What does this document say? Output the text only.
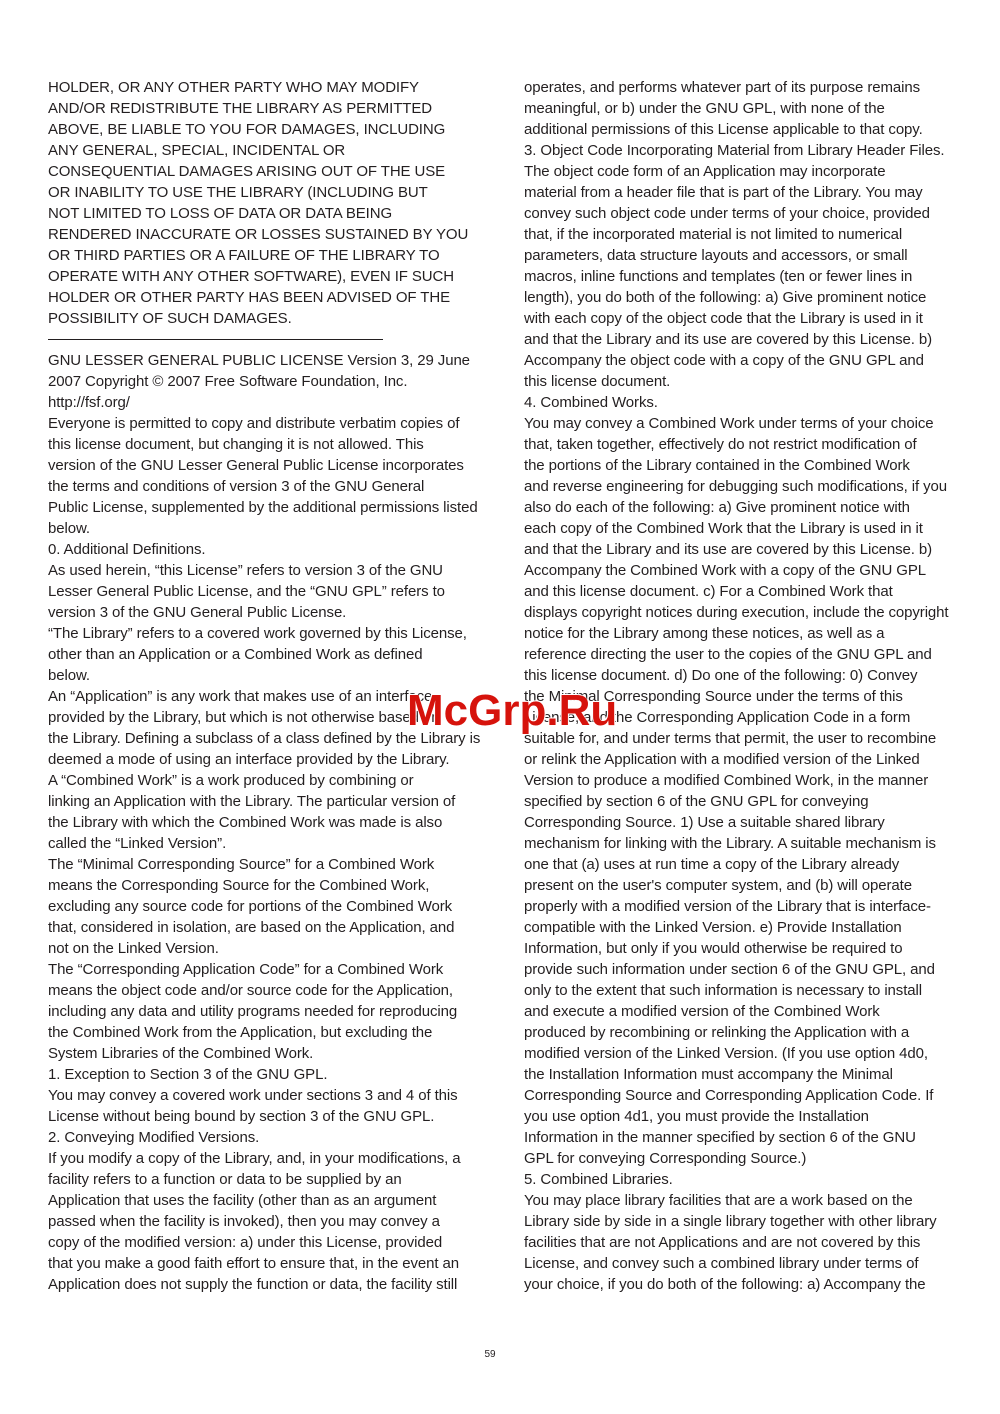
HOLDER, OR ANY OTHER PARTY WHO MAY MODIFY
AND/OR REDISTRIBUTE THE LIBRARY AS PERMITTED
ABOVE, BE LIABLE TO YOU FOR DAMAGES, INCLUDING
ANY GENERAL, SPECIAL, INCIDENTAL OR
CONSEQUENTIAL DAMAGES ARISING OUT OF THE USE
OR INABILITY TO USE THE LIBRARY (INCLUDING BUT
NOT LIMITED TO LOSS OF DATA OR DATA BEING
RENDERED INACCURATE OR LOSSES SUSTAINED BY YOU
OR THIRD PARTIES OR A FAILURE OF THE LIBRARY TO
OPERATE WITH ANY OTHER SOFTWARE), EVEN IF SUCH
HOLDER OR OTHER PARTY HAS BEEN ADVISED OF THE
POSSIBILITY OF SUCH DAMAGES.
GNU LESSER GENERAL PUBLIC LICENSE Version 3, 29 June
2007 Copyright © 2007 Free Software Foundation, Inc.
http://fsf.org/
Everyone is permitted to copy and distribute verbatim copies of
this license document, but changing it is not allowed. This
version of the GNU Lesser General Public License incorporates
the terms and conditions of version 3 of the GNU General
Public License, supplemented by the additional permissions listed
below.
0. Additional Definitions.
As used herein, “this License” refers to version 3 of the GNU
Lesser General Public License, and the “GNU GPL” refers to
version 3 of the GNU General Public License.
“The Library” refers to a covered work governed by this License,
other than an Application or a Combined Work as defined
below.
An “Application” is any work that makes use of an interface
provided by the Library, but which is not otherwise based on
the Library. Defining a subclass of a class defined by the Library is
deemed a mode of using an interface provided by the Library.
A “Combined Work” is a work produced by combining or
linking an Application with the Library. The particular version of
the Library with which the Combined Work was made is also
called the “Linked Version”.
The “Minimal Corresponding Source” for a Combined Work
means the Corresponding Source for the Combined Work,
excluding any source code for portions of the Combined Work
that, considered in isolation, are based on the Application, and
not on the Linked Version.
The “Corresponding Application Code” for a Combined Work
means the object code and/or source code for the Application,
including any data and utility programs needed for reproducing
the Combined Work from the Application, but excluding the
System Libraries of the Combined Work.
1. Exception to Section 3 of the GNU GPL.
You may convey a covered work under sections 3 and 4 of this
License without being bound by section 3 of the GNU GPL.
2. Conveying Modified Versions.
If you modify a copy of the Library, and, in your modifications, a
facility refers to a function or data to be supplied by an
Application that uses the facility (other than as an argument
passed when the facility is invoked), then you may convey a
copy of the modified version: a) under this License, provided
that you make a good faith effort to ensure that, in the event an
Application does not supply the function or data, the facility still
operates, and performs whatever part of its purpose remains
meaningful, or b) under the GNU GPL, with none of the
additional permissions of this License applicable to that copy.
3. Object Code Incorporating Material from Library Header Files.
The object code form of an Application may incorporate
material from a header file that is part of the Library. You may
convey such object code under terms of your choice, provided
that, if the incorporated material is not limited to numerical
parameters, data structure layouts and accessors, or small
macros, inline functions and templates (ten or fewer lines in
length), you do both of the following: a) Give prominent notice
with each copy of the object code that the Library is used in it
and that the Library and its use are covered by this License. b)
Accompany the object code with a copy of the GNU GPL and
this license document.
4. Combined Works.
You may convey a Combined Work under terms of your choice
that, taken together, effectively do not restrict modification of
the portions of the Library contained in the Combined Work
and reverse engineering for debugging such modifications, if you
also do each of the following: a) Give prominent notice with
each copy of the Combined Work that the Library is used in it
and that the Library and its use are covered by this License. b)
Accompany the Combined Work with a copy of the GNU GPL
and this license document. c) For a Combined Work that
displays copyright notices during execution, include the copyright
notice for the Library among these notices, as well as a
reference directing the user to the copies of the GNU GPL and
this license document. d) Do one of the following: 0) Convey
the Minimal Corresponding Source under the terms of this
License, and the Corresponding Application Code in a form
suitable for, and under terms that permit, the user to recombine
or relink the Application with a modified version of the Linked
Version to produce a modified Combined Work, in the manner
specified by section 6 of the GNU GPL for conveying
Corresponding Source. 1) Use a suitable shared library
mechanism for linking with the Library. A suitable mechanism is
one that (a) uses at run time a copy of the Library already
present on the user's computer system, and (b) will operate
properly with a modified version of the Library that is interface-
compatible with the Linked Version. e) Provide Installation
Information, but only if you would otherwise be required to
provide such information under section 6 of the GNU GPL, and
only to the extent that such information is necessary to install
and execute a modified version of the Combined Work
produced by recombining or relinking the Application with a
modified version of the Linked Version. (If you use option 4d0,
the Installation Information must accompany the Minimal
Corresponding Source and Corresponding Application Code. If
you use option 4d1, you must provide the Installation
Information in the manner specified by section 6 of the GNU
GPL for conveying Corresponding Source.)
5. Combined Libraries.
You may place library facilities that are a work based on the
Library side by side in a single library together with other library
facilities that are not Applications and are not covered by this
License, and convey such a combined library under terms of
your choice, if you do both of the following: a) Accompany the
McGrp.Ru
59
